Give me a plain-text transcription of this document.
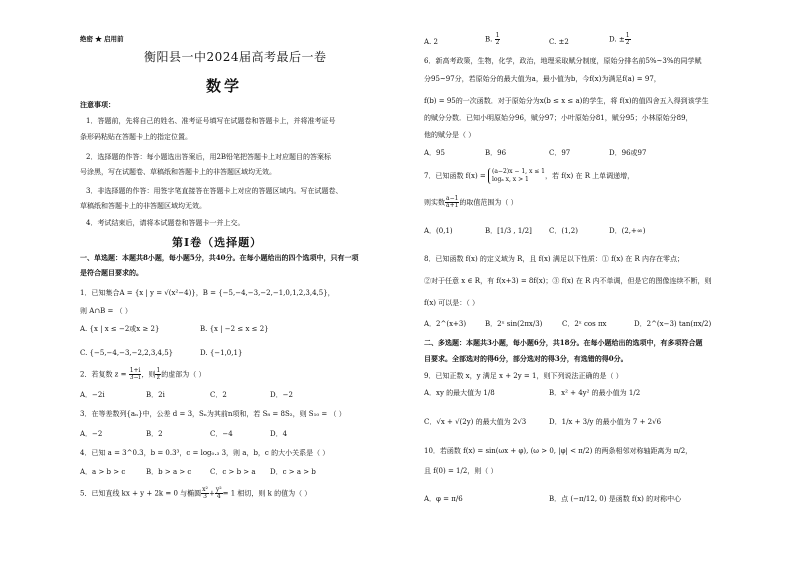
绝密 ★ 启用前
衡阳县一中2024届高考最后一卷
数学
注意事项：
1．答题前，先将自己的姓名、准考证号填写在试题卷和答题卡上，并将准考证号
条形码粘贴在答题卡上的指定位置。
2．选择题的作答：每小题选出答案后，用2B铅笔把答题卡上对应题目的答案标
号涂黑，写在试题卷、草稿纸和答题卡上的非答题区域均无效。
3．非选择题的作答：用签字笔直接答在答题卡上对应的答题区域内。写在试题卷、
草稿纸和答题卡上的非答题区域均无效。
4．考试结束后，请将本试题卷和答题卡一并上交。
第Ⅰ卷（选择题）
一、单选题：本题共8小题，每小题5分，共40分。在每小题给出的四个选项中，只有一项
是符合题目要求的。
1．已知集合A = {x | y = √(x²−4)}，B = {−5,−4,−3,−2,−1,0,1,2,3,4,5}，
则 A∩B = （ ）
A. {x | x ≤ −2或x ≥ 2}	B. {x | −2 ≤ x ≤ 2}
C. {−5,−4,−3,−2,2,3,4,5}	D. {−1,0,1}
2．若复数 $z = \frac{1+i}{3-i}$ ，则 $\frac{1}{z}$ 的虚部为（ ）
A．−2i	B．2i	C．2	D．−2
3．在等差数列{aₙ}中，公差 d = 3，Sₙ为其前n项和，若 S₈ = 8S₂，则 S₁₀ = （ ）
A．−2	B．2	C．−4	D．4
4．已知 a = 3^0.3，b = 0.3³，c = log₀.₃ 3，则 a，b，c 的大小关系是（ ）
A．a > b > c	B．b > a > c	C．c > b > a D．c > a > b
5．已知直线 kx + y + 2k = 0 与椭圆 $\frac{\text{x²}}{3} + \frac{\text{y²}}{4} = 1$ 相切，则 k 的值为（ ）
A. 2	B. $\frac{1}{2}$	C. ±2	D. ± $\frac{1}{2}$
6．新高考政策，生物，化学，政治，地理采取赋分制度，原始分排名前5%~3%的同学赋
分95~97分，若原始分的最大值为a，最小值为b，今f(x)为满足f(a) = 97，
f(b) = 95的一次函数．对于原始分为x(b ≤ x ≤ a)的学生，将 f(x)的值四舍五入得到该学生
的赋分分数．已知小明原始分96，赋分97；小叶原始分81，赋分95；小林原始分89，
他的赋分是（ ）
A．95	B．96	C．97	D．96或97
7．已知函数 f(x) =
(a−2)x − 1, x ≤ 1
logₐ x, x > 1	，若 f(x) 在 R 上单调递增，
则实数 $\frac{a-1}{a+1}$ 的取值范围为（ ）
A．(0,1)	B．[1/3 , 1/2] C．(1,2)	D．(2,+∞)
8．已知函数 f(x) 的定义域为 R，且 f(x) 满足以下性质：① f(x) 在 R 内存在零点；
②对于任意 x ∈ R，有 f(x+3) = 8f(x)；③ f(x) 在 R 内不单调，但是它的图像连续不断，则
f(x) 可以是：（ ）
A．2^(x+3)	B．2ˣ sin(2πx/3)	C．2ˣ cos πx	D．2^(x−3) tan(πx/2)
二、多选题：本题共3小题，每小题6分，共18分。在每小题给出的选项中，有多项符合题
目要求。全部选对的得6分，部分选对的得3分，有选错的得0分。
9．已知正数 x，y 满足 x + 2y = 1，则下列说法正确的是（ ）
A．xy 的最大值为 1/8	B．x² + 4y² 的最小值为 1/2
C．√x + √(2y) 的最大值为 2√3	D．1/x + 3/y 的最小值为 7 + 2√6
10．若函数 f(x) = sin(ωx + φ), (ω > 0, |φ| < π/2) 的两条相邻对称轴距离为 π/2，
且 f(0) = 1/2，则（ ）
A．φ = π/6	B．点 (−π/12, 0) 是函数 f(x) 的对称中心
